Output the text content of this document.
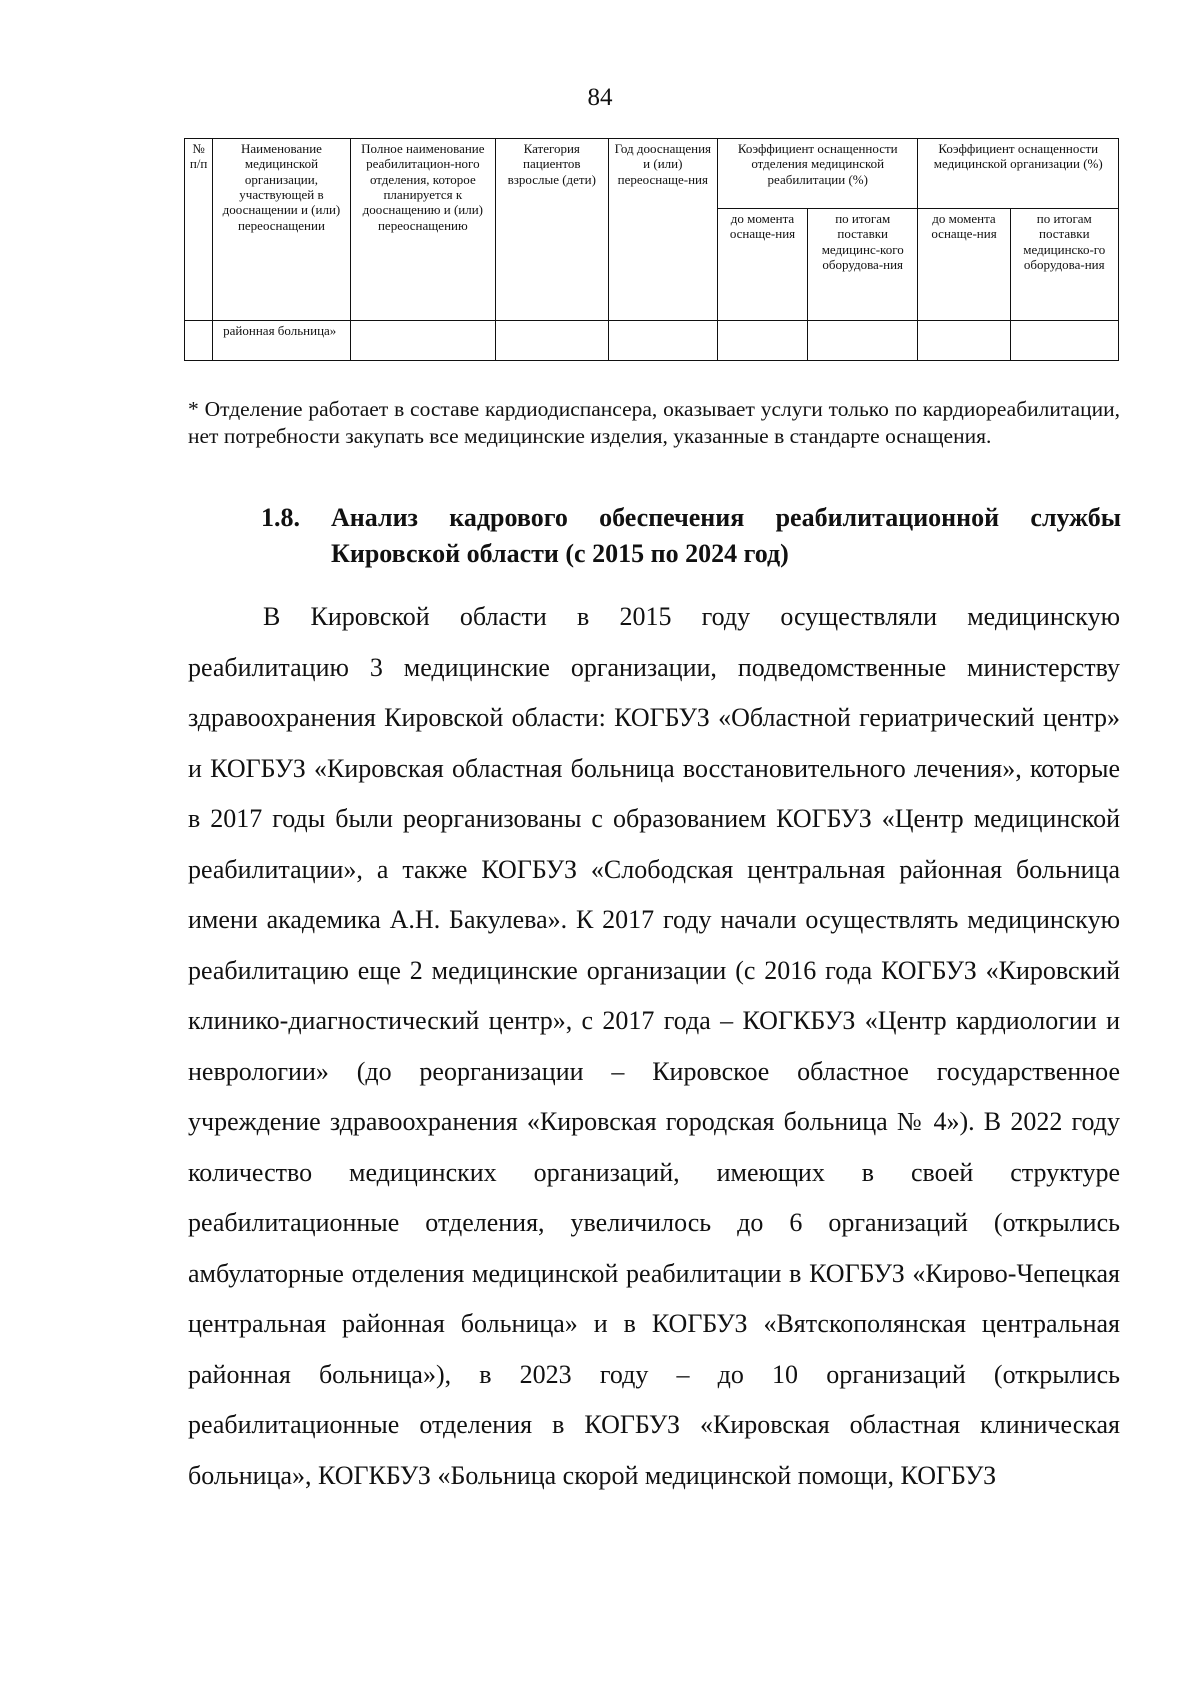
84
№ п/п	Наименование медицинской организации, участвующей в дооснащении и (или) переоснащении	Полное наименование реабилитацион-ного отделения, которое планируется к дооснащению и (или) переоснащению	Категория пациентов взрослые (дети)	Год дооснащения и (или) переоснаще-ния	Коэффициент оснащенности отделения медицинской реабилитации (%)		Коэффициент оснащенности медицинской организации (%)	
					до момента оснаще-ния	по итогам поставки медицинс-кого оборудова-ния	до момента оснаще-ния	по итогам поставки медицинско-го оборудова-ния
	районная больница»							
* Отделение работает в составе кардиодиспансера, оказывает услуги только по кардиореабилитации, нет потребности закупать все медицинские изделия, указанные в стандарте оснащения.
1.8.	Анализ кадрового обеспечения реабилитационной службы Кировской области (с 2015 по 2024 год)

В Кировской области в 2015 году осуществляли медицинскую реабилитацию 3 медицинские организации, подведомственные министерству здравоохранения Кировской области: КОГБУЗ «Областной гериатрический центр» и КОГБУЗ «Кировская областная больница восстановительного лечения», которые в 2017 годы были реорганизованы с образованием КОГБУЗ «Центр медицинской реабилитации», а также КОГБУЗ «Слободская центральная районная больница имени академика А.Н. Бакулева». К 2017 году начали осуществлять медицинскую реабилитацию еще 2 медицинские организации (с 2016 года КОГБУЗ «Кировский клинико-диагностический центр», с 2017 года – КОГКБУЗ «Центр кардиологии и неврологии» (до реорганизации – Кировское областное государственное учреждение здравоохранения «Кировская городская больница № 4»). В 2022 году количество медицинских организаций, имеющих в своей структуре реабилитационные отделения, увеличилось до 6 организаций (открылись амбулаторные отделения медицинской реабилитации в КОГБУЗ «Кирово-Чепецкая центральная районная больница» и в КОГБУЗ «Вятскополянская центральная районная больница»), в 2023 году – до 10 организаций (открылись реабилитационные отделения в КОГБУЗ «Кировская областная клиническая больница», КОГКБУЗ «Больница скорой медицинской помощи, КОГБУЗ
